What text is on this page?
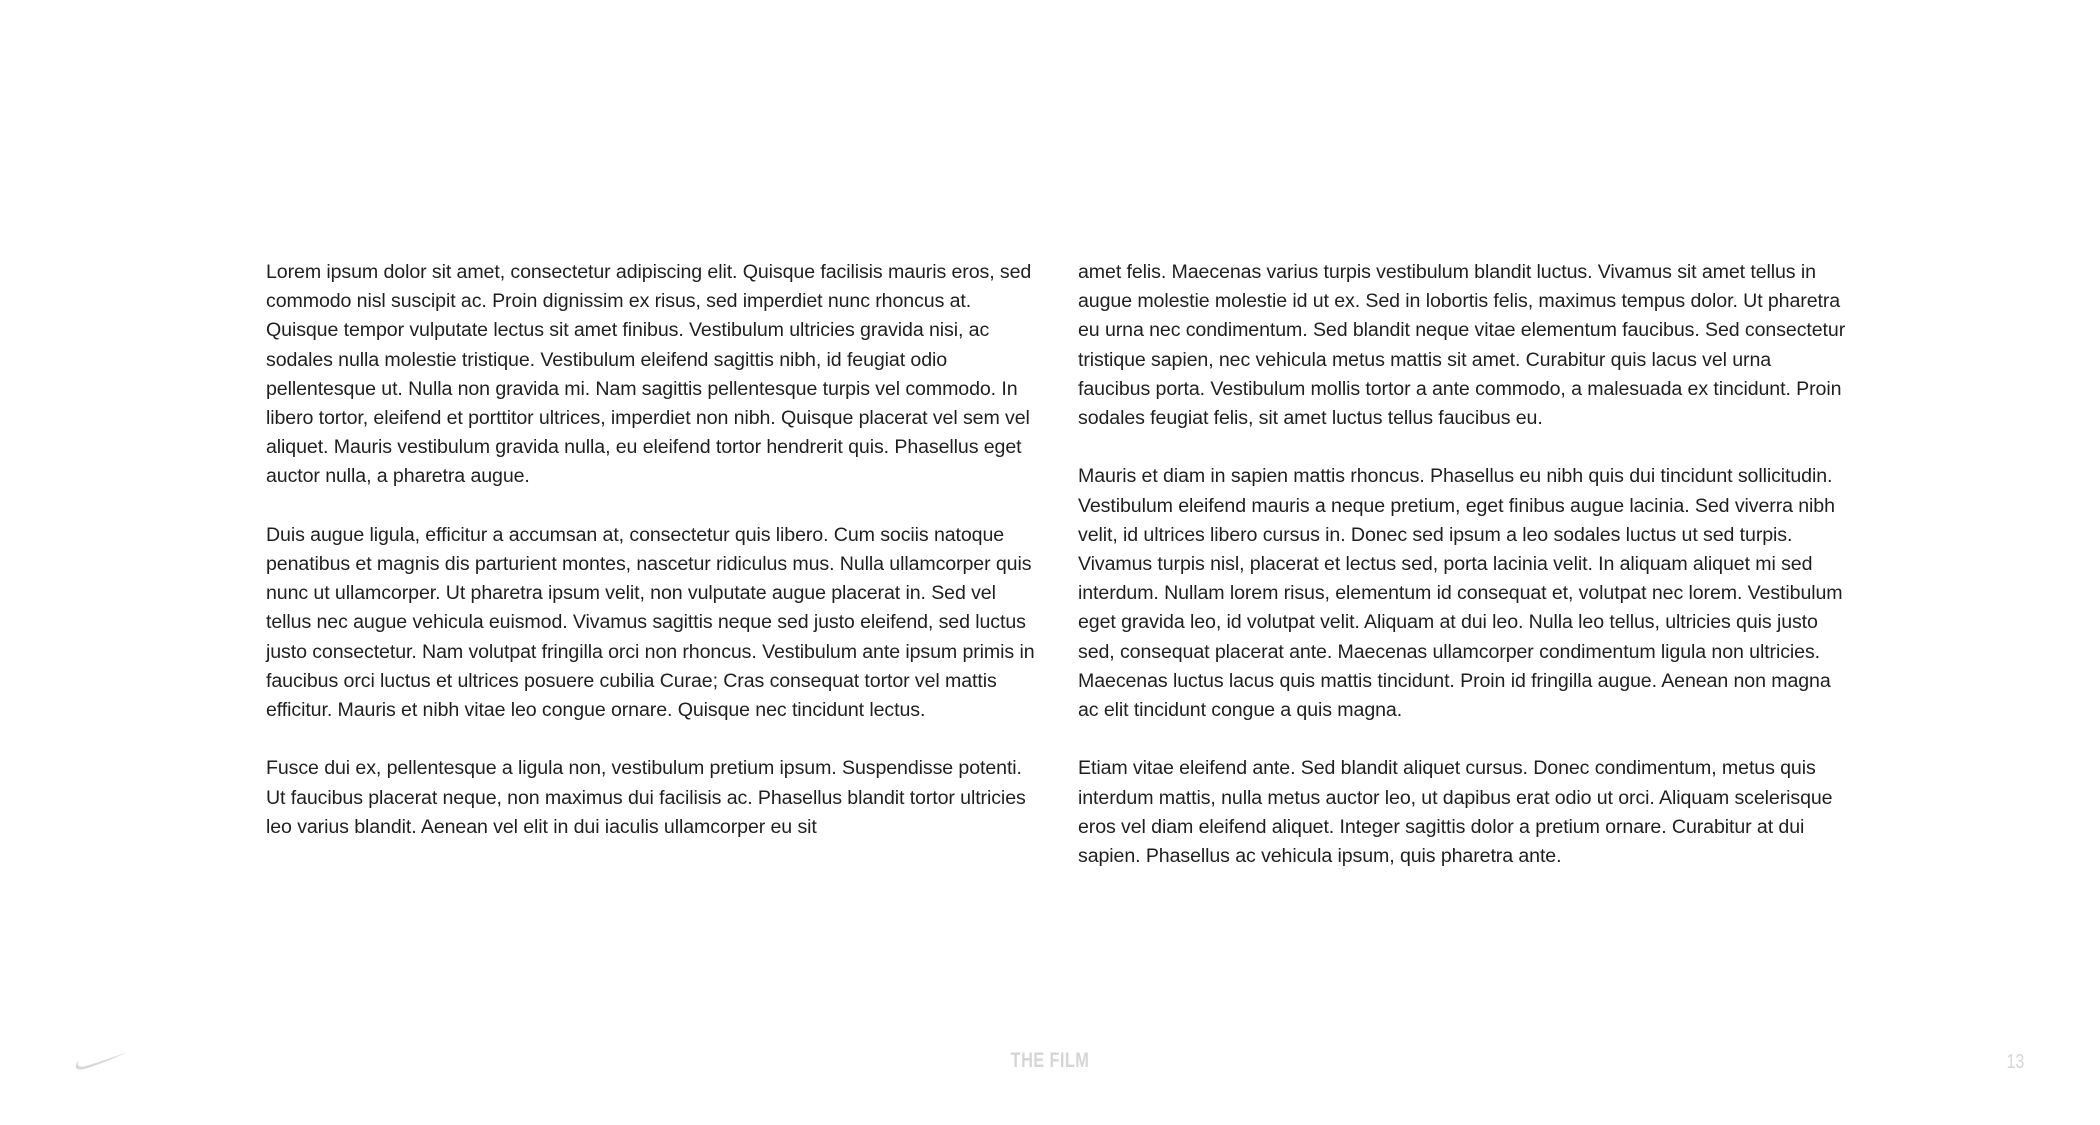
Lorem ipsum dolor sit amet, consectetur adipiscing elit. Quisque facilisis mauris eros, sed commodo nisl suscipit ac. Proin dignissim ex risus, sed imperdiet nunc rhoncus at. Quisque tempor vulputate lectus sit amet finibus. Vestibulum ultricies gravida nisi, ac sodales nulla molestie tristique. Vestibulum eleifend sagittis nibh, id feugiat odio pellentesque ut. Nulla non gravida mi. Nam sagittis pellentesque turpis vel commodo. In libero tortor, eleifend et porttitor ultrices, imperdiet non nibh. Quisque placerat vel sem vel aliquet. Mauris vestibulum gravida nulla, eu eleifend tortor hendrerit quis. Phasellus eget auctor nulla, a pharetra augue.

Duis augue ligula, efficitur a accumsan at, consectetur quis libero. Cum sociis natoque penatibus et magnis dis parturient montes, nascetur ridiculus mus. Nulla ullamcorper quis nunc ut ullamcorper. Ut pharetra ipsum velit, non vulputate augue placerat in. Sed vel tellus nec augue vehicula euismod. Vivamus sagittis neque sed justo eleifend, sed luctus justo consectetur. Nam volutpat fringilla orci non rhoncus. Vestibulum ante ipsum primis in faucibus orci luctus et ultrices posuere cubilia Curae; Cras consequat tortor vel mattis efficitur. Mauris et nibh vitae leo congue ornare. Quisque nec tincidunt lectus.

Fusce dui ex, pellentesque a ligula non, vestibulum pretium ipsum. Suspendisse potenti. Ut faucibus placerat neque, non maximus dui facilisis ac. Phasellus blandit tortor ultricies leo varius blandit. Aenean vel elit in dui iaculis ullamcorper eu sit

amet felis. Maecenas varius turpis vestibulum blandit luctus. Vivamus sit amet tellus in augue molestie molestie id ut ex. Sed in lobortis felis, maximus tempus dolor. Ut pharetra eu urna nec condimentum. Sed blandit neque vitae elementum faucibus. Sed consectetur tristique sapien, nec vehicula metus mattis sit amet. Curabitur quis lacus vel urna faucibus porta. Vestibulum mollis tortor a ante commodo, a malesuada ex tincidunt. Proin sodales feugiat felis, sit amet luctus tellus faucibus eu.

Mauris et diam in sapien mattis rhoncus. Phasellus eu nibh quis dui tincidunt sollicitudin. Vestibulum eleifend mauris a neque pretium, eget finibus augue lacinia. Sed viverra nibh velit, id ultrices libero cursus in. Donec sed ipsum a leo sodales luctus ut sed turpis. Vivamus turpis nisl, placerat et lectus sed, porta lacinia velit. In aliquam aliquet mi sed interdum. Nullam lorem risus, elementum id consequat et, volutpat nec lorem. Vestibulum eget gravida leo, id volutpat velit. Aliquam at dui leo. Nulla leo tellus, ultricies quis justo sed, consequat placerat ante. Maecenas ullamcorper condimentum ligula non ultricies. Maecenas luctus lacus quis mattis tincidunt. Proin id fringilla augue. Aenean non magna ac elit tincidunt congue a quis magna.

Etiam vitae eleifend ante. Sed blandit aliquet cursus. Donec condimentum, metus quis interdum mattis, nulla metus auctor leo, ut dapibus erat odio ut orci. Aliquam scelerisque eros vel diam eleifend aliquet. Integer sagittis dolor a pretium ornare. Curabitur at dui sapien. Phasellus ac vehicula ipsum, quis pharetra ante.

THE FILM	13
